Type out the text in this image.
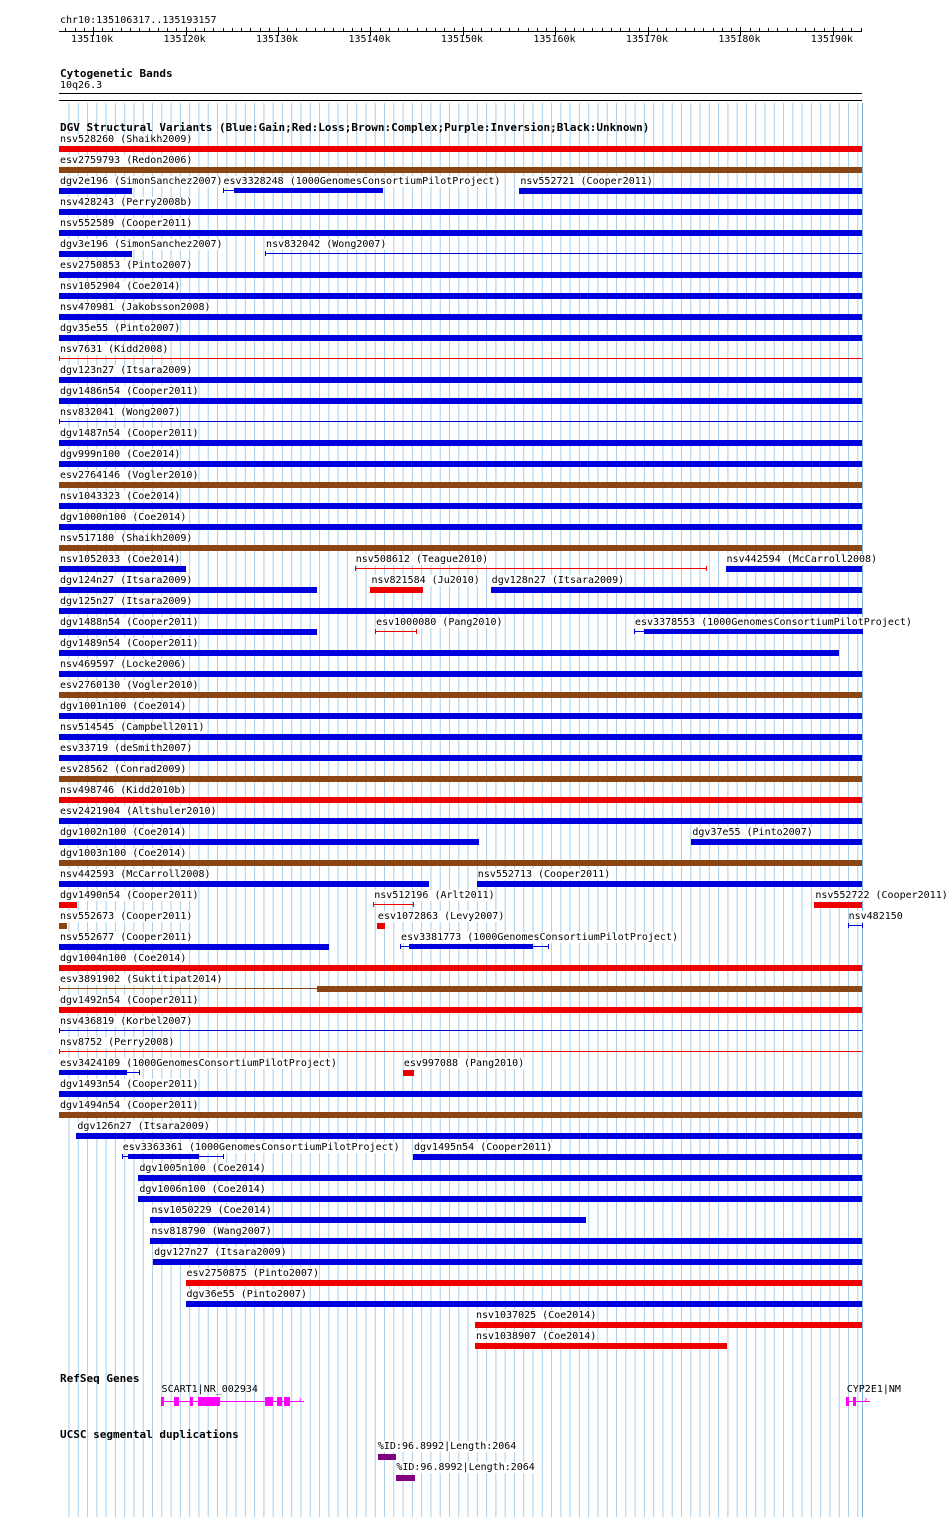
chr10:135106317..135193157
135110k	135120k	135130k	135140k	135150k	135160k	135170k	135180k	135190k
Cytogenetic Bands
10q26.3
DGV Structural Variants (Blue:Gain;Red:Loss;Brown:Complex;Purple:Inversion;Black:Unknown)
nsv528260 (Shaikh2009)
esv2759793 (Redon2006)
dgv2e196 (SimonSanchez2007) esv3328248 (1000GenomesConsortiumPilotProject) nsv552721 (Cooper2011)
nsv428243 (Perry2008b)
nsv552589 (Cooper2011)
dgv3e196 (SimonSanchez2007)	nsv832042 (Wong2007)
esv2750853 (Pinto2007)
nsv1052904 (Coe2014)
nsv470981 (Jakobsson2008)
dgv35e55 (Pinto2007)
nsv7631 (Kidd2008)
dgv123n27 (Itsara2009)
dgv1486n54 (Cooper2011)
nsv832041 (Wong2007)
dgv1487n54 (Cooper2011)
dgv999n100 (Coe2014)
esv2764146 (Vogler2010)
nsv1043323 (Coe2014)
dgv1000n100 (Coe2014)
nsv517180 (Shaikh2009)
nsv1052033 (Coe2014)	nsv508612 (Teague2010)	nsv442594 (McCarroll2008)
dgv124n27 (Itsara2009)	nsv821584 (Ju2010) dgv128n27 (Itsara2009)
dgv125n27 (Itsara2009)
dgv1488n54 (Cooper2011)	esv1000080 (Pang2010)	esv3378553 (1000GenomesConsortiumPilotProject)
dgv1489n54 (Cooper2011)
nsv469597 (Locke2006)
esv2760130 (Vogler2010)
dgv1001n100 (Coe2014)
nsv514545 (Campbell2011)
esv33719 (deSmith2007)
esv28562 (Conrad2009)
nsv498746 (Kidd2010b)
esv2421904 (Altshuler2010)
dgv1002n100 (Coe2014)	dgv37e55 (Pinto2007)
dgv1003n100 (Coe2014)
nsv442593 (McCarroll2008)	nsv552713 (Cooper2011)
dgv1490n54 (Cooper2011)	nsv512196 (Arlt2011)	nsv552722 (Cooper2011)
nsv552673 (Cooper2011)	esv1072863 (Levy2007)	nsv482150
nsv552677 (Cooper2011)	esv3381773 (1000GenomesConsortiumPilotProject)
dgv1004n100 (Coe2014)
esv3891902 (Suktitipat2014)
dgv1492n54 (Cooper2011)
nsv436819 (Korbel2007)
nsv8752 (Perry2008)
esv3424109 (1000GenomesConsortiumPilotProject)	esv997088 (Pang2010)
dgv1493n54 (Cooper2011)
dgv1494n54 (Cooper2011)
dgv126n27 (Itsara2009)
esv3363361 (1000GenomesConsortiumPilotProject) dgv1495n54 (Cooper2011)
dgv1005n100 (Coe2014)
dgv1006n100 (Coe2014)
nsv1050229 (Coe2014)
nsv818790 (Wang2007)
dgv127n27 (Itsara2009)
esv2750875 (Pinto2007)
dgv36e55 (Pinto2007)
nsv1037025 (Coe2014)
nsv1038907 (Coe2014)
RefSeq Genes
SCART1|NR_002934
›
CYP2E1|NM
›
UCSC segmental duplications
%ID:96.8992|Length:2064
%ID:96.8992|Length:2064
